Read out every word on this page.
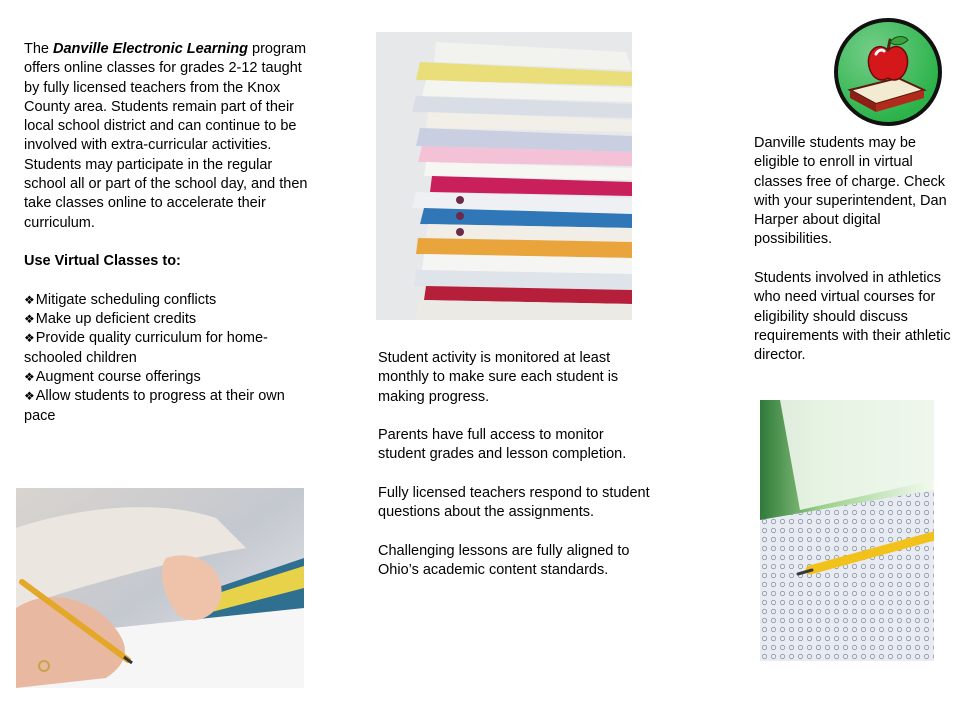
The Danville Electronic Learning program offers online classes for grades 2-12 taught by fully licensed teachers from the Knox County area. Students remain part of their local school district and can continue to be involved with extra-curricular activities. Students may participate in the regular school all or part of the school day, and then take classes online to accelerate their curriculum.

Use Virtual Classes to:

❖Mitigate scheduling conflicts
❖Make up deficient credits
❖Provide quality curriculum for home-schooled children
❖Augment course offerings
❖Allow students to progress at their own pace

Student activity is monitored at least monthly to make sure each student is making progress.

Parents have full access to monitor student grades and lesson completion.

Fully licensed teachers respond to student questions about the assignments.

Challenging lessons are fully aligned to Ohio’s academic content standards.

Danville students may be eligible to enroll in virtual classes free of charge. Check with your superintendent, Dan Harper about digital possibilities.

Students involved in athletics who need virtual courses for eligibility should discuss requirements with their athletic director.
